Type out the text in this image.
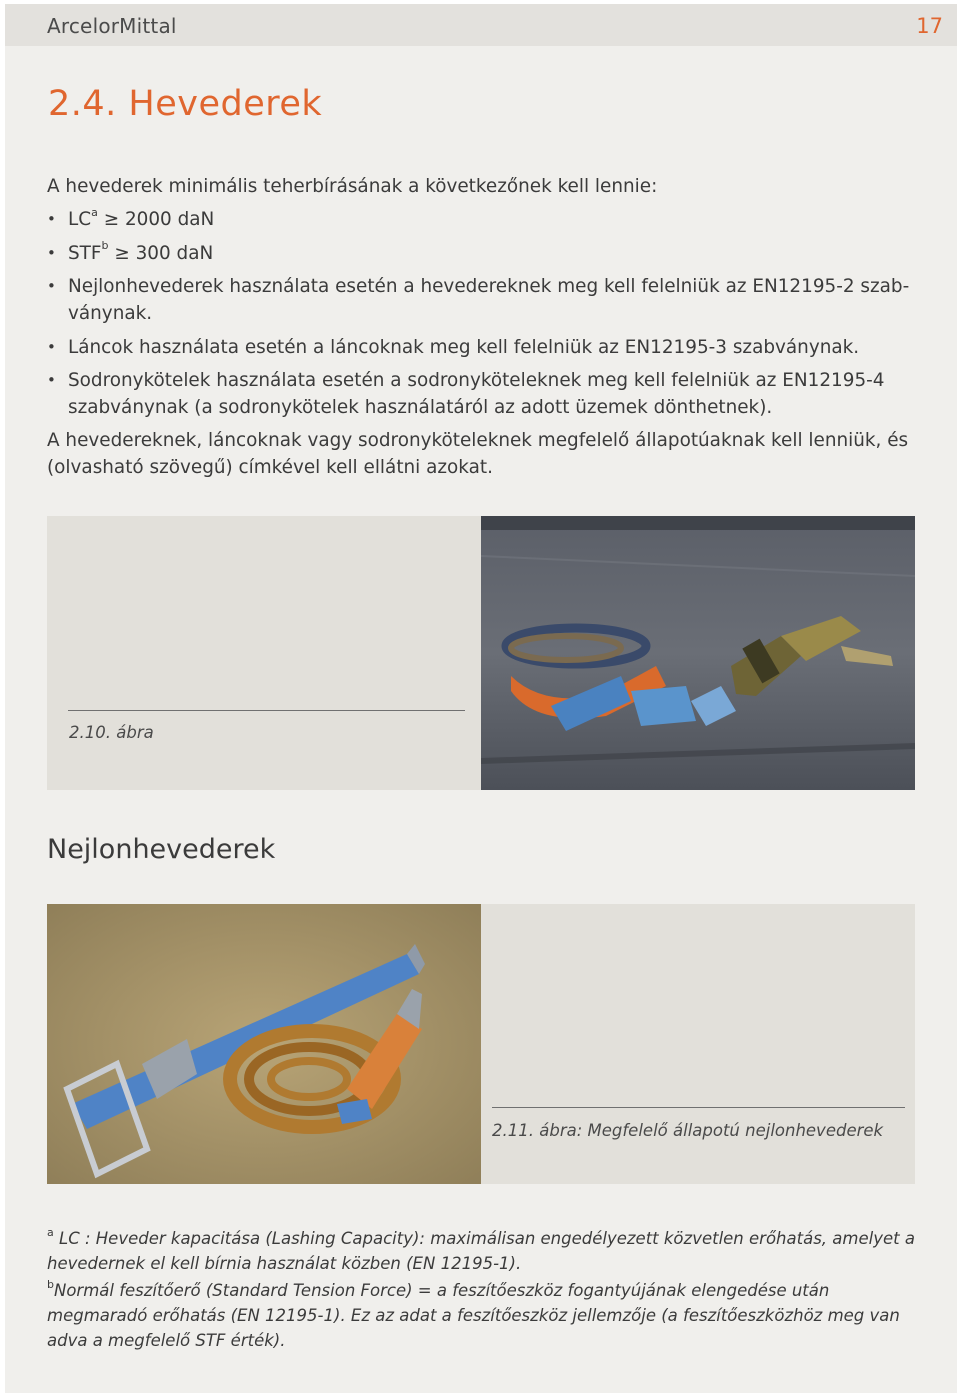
ArcelorMittal	17
2.4. Hevederek

A hevederek minimális teherbírásának a következőnek kell lennie:

• $LC^a \ge 2000$ daN
• $STF^b \ge 300$ daN
• Nejlonhevederek használata esetén a hevedereknek meg kell felelniük az EN12195-2 szab-
ványnak.
• Láncok használata esetén a láncoknak meg kell felelniük az EN12195-3 szabványnak.
• Sodronykötelek használata esetén a sodronyköteleknek meg kell felelniük az EN12195-4 szabványnak (a sodronykötelek használatáról az adott üzemek dönthetnek).

A hevedereknek, láncoknak vagy sodronyköteleknek megfelelő állapotúaknak kell lenniük, és (olvasható szövegű) címkével kell ellátni azokat.

2.10. ábra
Nejlonhevederek
2.11. ábra: Megfelelő állapotú nejlonhevederek

$^a$ LC : Heveder kapacitása (Lashing Capacity): maximálisan engedélyezett közvetlen erőhatás, amelyet a hevedernek el kell bírnia használat közben (EN 12195-1).

$^b$Normál feszítőerő (Standard Tension Force) = a feszítőeszköz fogantyújának elengedése után megmaradó erőhatás (EN 12195-1). Ez az adat a feszítőeszköz jellemzője (a feszítőeszközhöz meg van adva a megfelelő STF érték).
